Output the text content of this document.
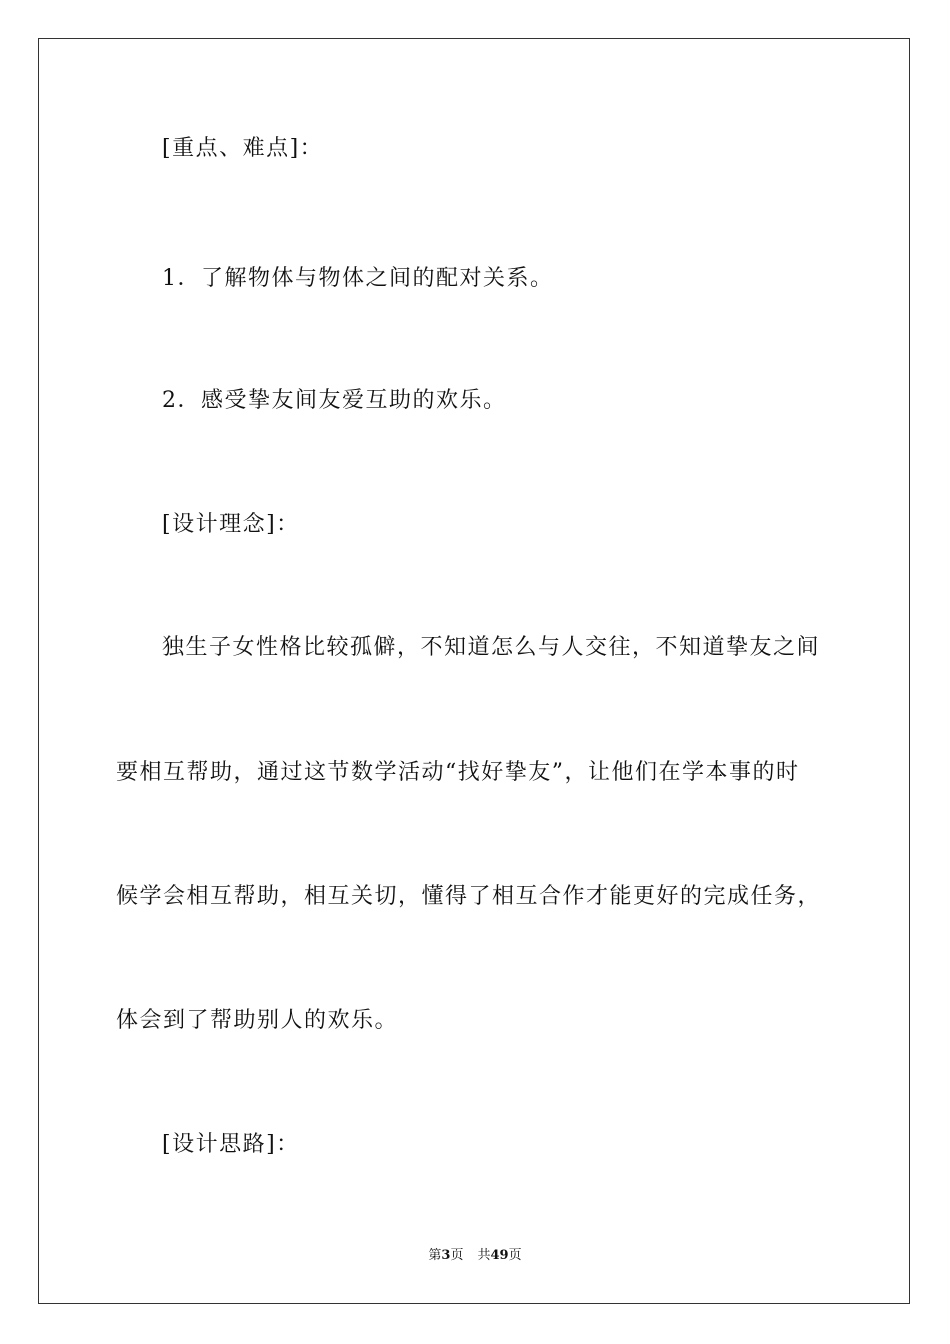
[重点、难点]：
1．了解物体与物体之间的配对关系。
2．感受挚友间友爱互助的欢乐。
[设计理念]：
独生子女性格比较孤僻，不知道怎么与人交往，不知道挚友之间
要相互帮助，通过这节数学活动“找好挚友”，让他们在学本事的时
候学会相互帮助，相互关切，懂得了相互合作才能更好的完成任务，
体会到了帮助别人的欢乐。
[设计思路]：
第3页 共49页
